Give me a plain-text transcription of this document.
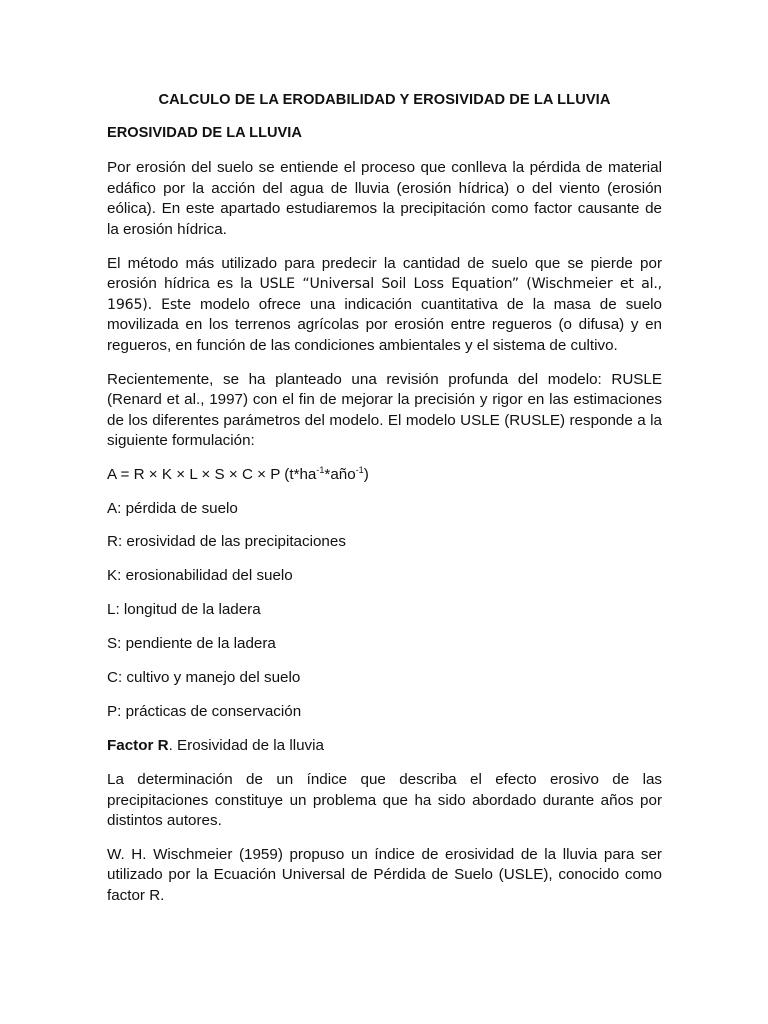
CALCULO DE LA ERODABILIDAD Y EROSIVIDAD DE LA LLUVIA
EROSIVIDAD DE LA LLUVIA

Por erosión del suelo se entiende el proceso que conlleva la pérdida de material edáfico por la acción del agua de lluvia (erosión hídrica) o del viento (erosión eólica). En este apartado estudiaremos la precipitación como factor causante de la erosión hídrica.

El método más utilizado para predecir la cantidad de suelo que se pierde por erosión hídrica es la USLE “Universal Soil Loss Equation” (Wischmeier et al., 1965). Este modelo ofrece una indicación cuantitativa de la masa de suelo movilizada en los terrenos agrícolas por erosión entre regueros (o difusa) y en regueros, en función de las condiciones ambientales y el sistema de cultivo.

Recientemente, se ha planteado una revisión profunda del modelo: RUSLE (Renard et al., 1997) con el fin de mejorar la precisión y rigor en las estimaciones de los diferentes parámetros del modelo. El modelo USLE (RUSLE) responde a la siguiente formulación:

A = R × K × L × S × C × P $(t*ha^{-1}*año^{-1})$

A: pérdida de suelo

R: erosividad de las precipitaciones

K: erosionabilidad del suelo

L: longitud de la ladera

S: pendiente de la ladera

C: cultivo y manejo del suelo

P: prácticas de conservación

Factor R. Erosividad de la lluvia

La determinación de un índice que describa el efecto erosivo de las precipitaciones constituye un problema que ha sido abordado durante años por distintos autores.

W. H. Wischmeier (1959) propuso un índice de erosividad de la lluvia para ser utilizado por la Ecuación Universal de Pérdida de Suelo (USLE), conocido como factor R.
